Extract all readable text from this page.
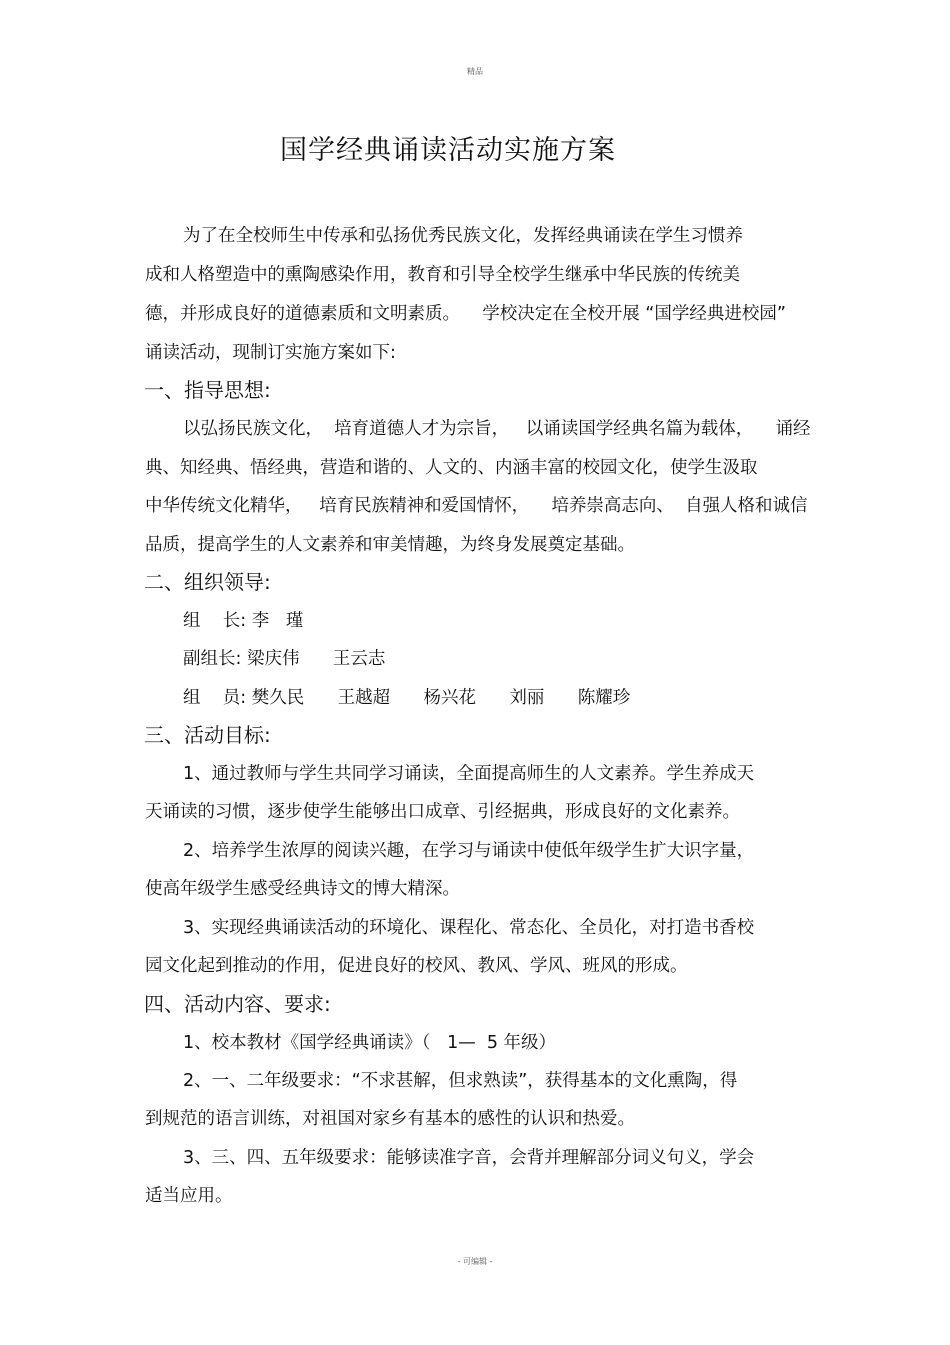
精品
国学经典诵读活动实施方案
为了在全校师生中传承和弘扬优秀民族文化，发挥经典诵读在学生习惯养
成和人格塑造中的熏陶感染作用，教育和引导全校学生继承中华民族的传统美
德，并形成良好的道德素质和文明素质。    学校决定在全校开展 “国学经典进校园”
诵读活动，现制订实施方案如下:
一、指导思想:
以弘扬民族文化，  培育道德人才为宗旨，   以诵读国学经典名篇为载体，    诵经
典、知经典、悟经典，营造和谐的、人文的、内涵丰富的校园文化，使学生汲取
中华传统文化精华，   培育民族精神和爱国情怀，    培养崇高志向、  自强人格和诚信
品质，提高学生的人文素养和审美情趣，为终身发展奠定基础。
二、组织领导:
组    长: 李   瑾
副组长: 梁庆伟      王云志
组    员: 樊久民      王越超      杨兴花      刘丽      陈耀珍
三、活动目标:
1、通过教师与学生共同学习诵读，全面提高师生的人文素养。学生养成天
天诵读的习惯，逐步使学生能够出口成章、引经据典，形成良好的文化素养。
2、培养学生浓厚的阅读兴趣，在学习与诵读中使低年级学生扩大识字量，
使高年级学生感受经典诗文的博大精深。
3、实现经典诵读活动的环境化、课程化、常态化、全员化，对打造书香校
园文化起到推动的作用，促进良好的校风、教风、学风、班风的形成。
四、活动内容、要求:
1、校本教材《国学经典诵读》（   1—  5 年级）
2、一、二年级要求：“不求甚解，但求熟读”，获得基本的文化熏陶，得
到规范的语言训练，对祖国对家乡有基本的感性的认识和热爱。
3、三、四、五年级要求：能够读准字音，会背并理解部分词义句义，学会
适当应用。
- 可编辑 -
